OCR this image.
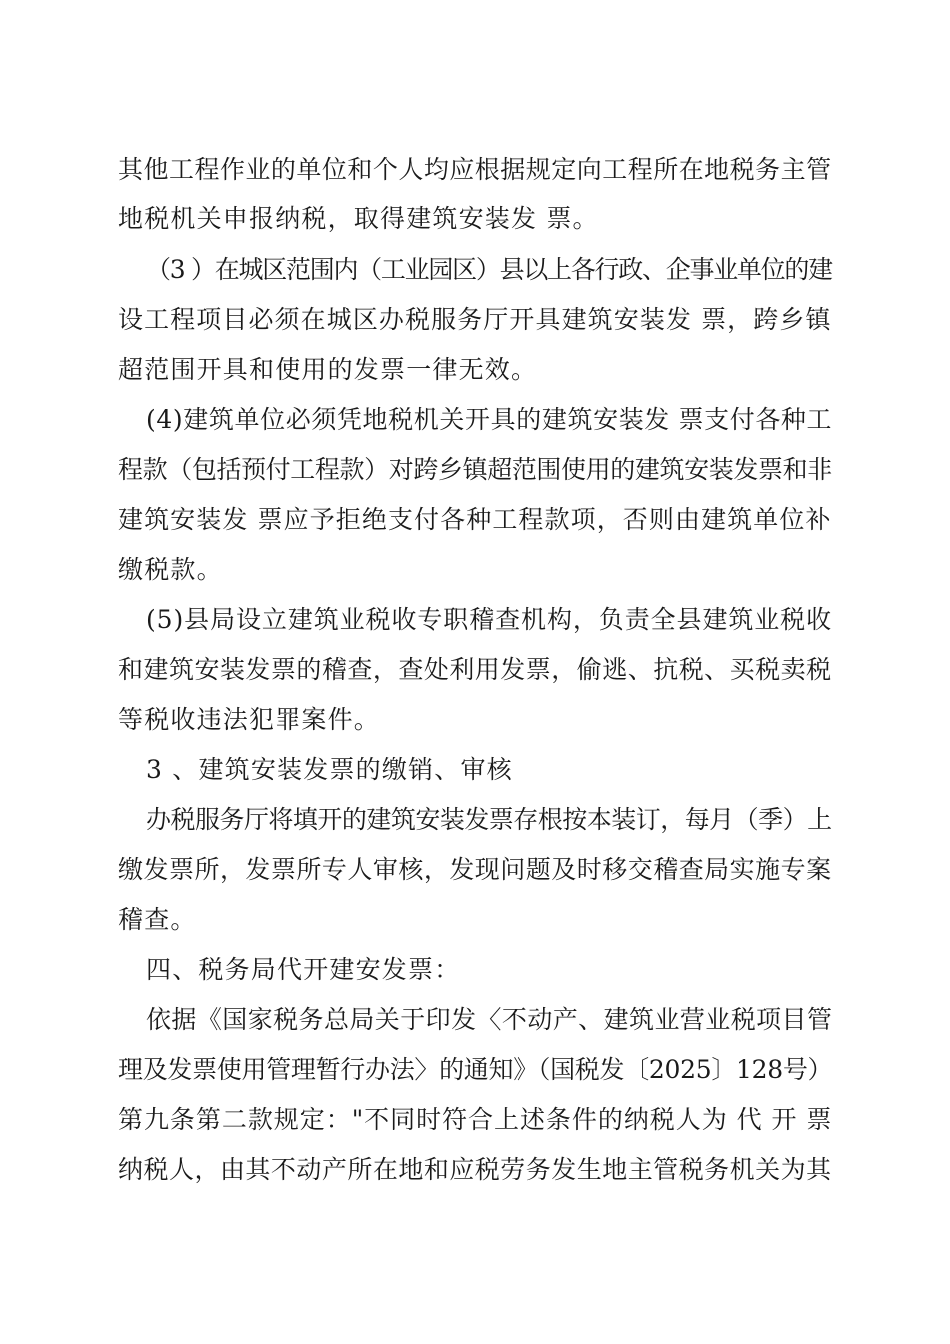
其他工程作业的单位和个人均应根据规定向工程所在地税务主管
地税机关申报纳税，取得建筑安装发 票。
（3 ）在城区范围内（工业园区）县以上各行政、企事业单位的建
设工程项目必须在城区办税服务厅开具建筑安装发 票，跨乡镇
超范围开具和使用的发票一律无效。
(4)建筑单位必须凭地税机关开具的建筑安装发 票支付各种工
程款（包括预付工程款）对跨乡镇超范围使用的建筑安装发票和非
建筑安装发 票应予拒绝支付各种工程款项，否则由建筑单位补
缴税款。
(5)县局设立建筑业税收专职稽查机构，负责全县建筑业税收
和建筑安装发票的稽查，查处利用发票，偷逃、抗税、买税卖税
等税收违法犯罪案件。
3 、建筑安装发票的缴销、审核
办税服务厅将填开的建筑安装发票存根按本装订，每月（季）上
缴发票所，发票所专人审核，发现问题及时移交稽查局实施专案
稽查。
四、税务局代开建安发票：
依据《国家税务总局关于印发〈不动产、建筑业营业税项目管
理及发票使用管理暂行办法〉的通知》（国税发〔2025〕128号）
第九条第二款规定："不同时符合上述条件的纳税人为 代 开 票
纳税人，由其不动产所在地和应税劳务发生地主管税务机关为其
